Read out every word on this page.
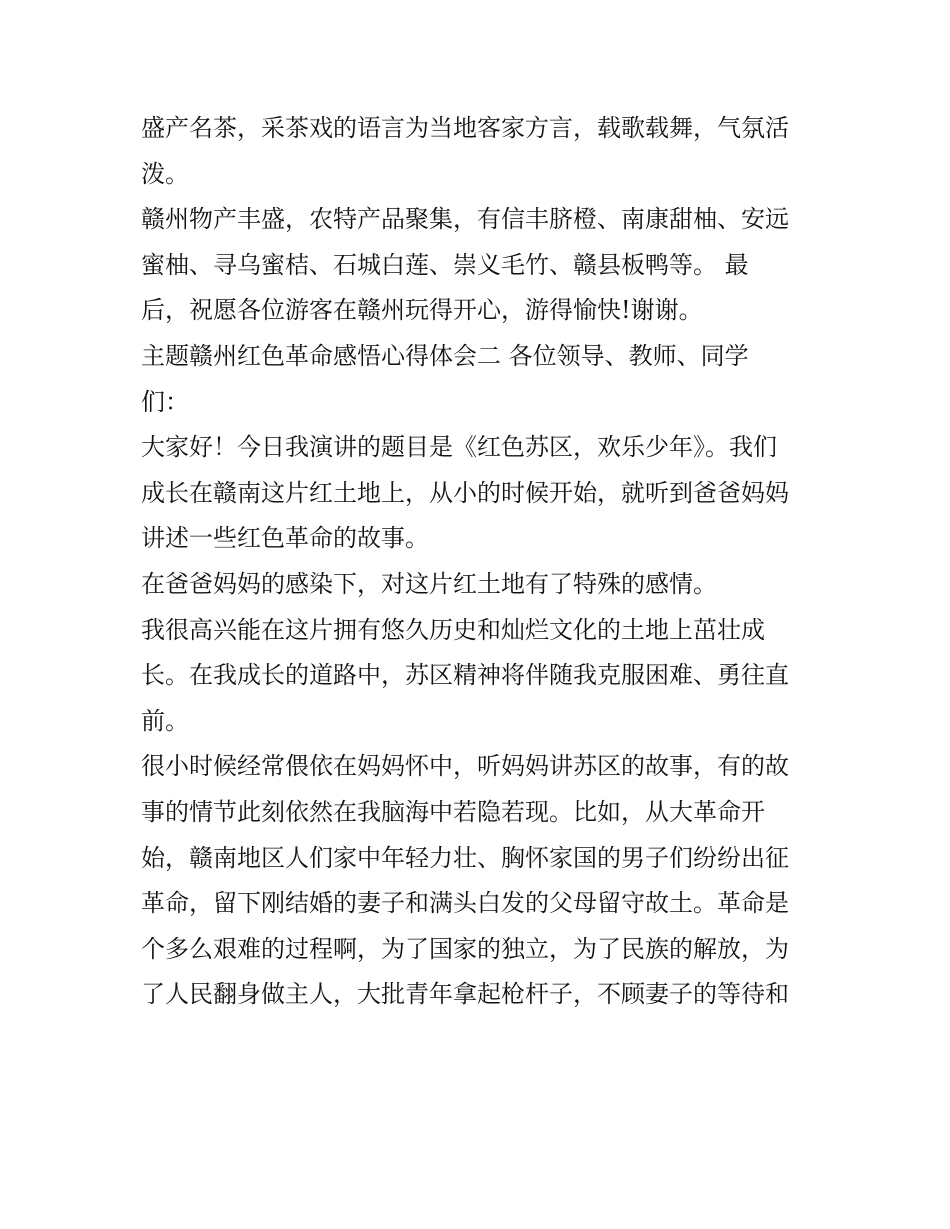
盛产名茶，采茶戏的语言为当地客家方言，载歌载舞，气氛活
泼。
赣州物产丰盛，农特产品聚集，有信丰脐橙、南康甜柚、安远
蜜柚、寻乌蜜桔、石城白莲、崇义毛竹、赣县板鸭等。 最
后，祝愿各位游客在赣州玩得开心，游得愉快!谢谢。
主题赣州红色革命感悟心得体会二 各位领导、教师、同学
们：
大家好！今日我演讲的题目是《红色苏区，欢乐少年》。我们
成长在赣南这片红土地上，从小的时候开始，就听到爸爸妈妈
讲述一些红色革命的故事。
在爸爸妈妈的感染下，对这片红土地有了特殊的感情。
我很高兴能在这片拥有悠久历史和灿烂文化的土地上茁壮成
长。在我成长的道路中，苏区精神将伴随我克服困难、勇往直
前。
很小时候经常偎依在妈妈怀中，听妈妈讲苏区的故事，有的故
事的情节此刻依然在我脑海中若隐若现。比如，从大革命开
始，赣南地区人们家中年轻力壮、胸怀家国的男子们纷纷出征
革命，留下刚结婚的妻子和满头白发的父母留守故土。革命是
个多么艰难的过程啊，为了国家的独立，为了民族的解放，为
了人民翻身做主人，大批青年拿起枪杆子，不顾妻子的等待和
